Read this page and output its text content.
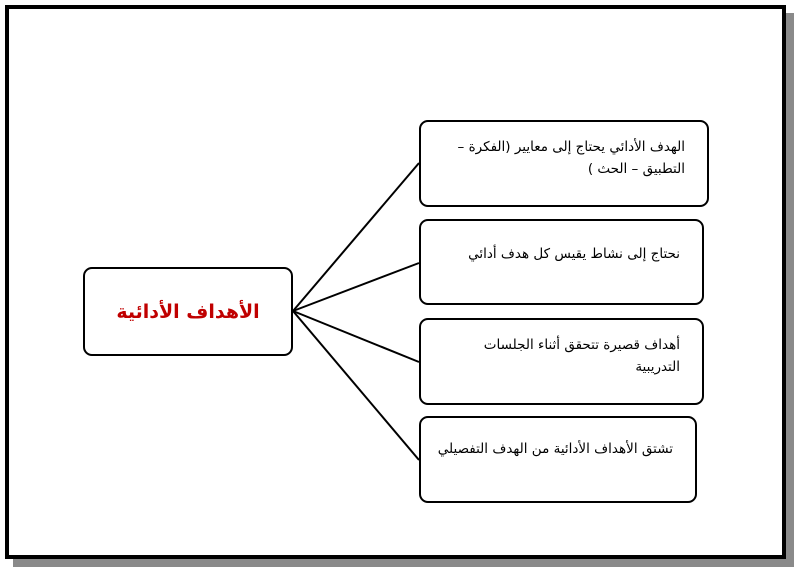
الأهداف الأدائية
الهدف الأدائي يحتاج إلى معايير (الفكرة – التطبيق – الحث )
نحتاج إلى نشاط يقيس كل هدف أدائي
أهداف قصيرة تتحقق أثناء الجلسات التدريبية
تشتق الأهداف الأدائية من الهدف التفصيلي
